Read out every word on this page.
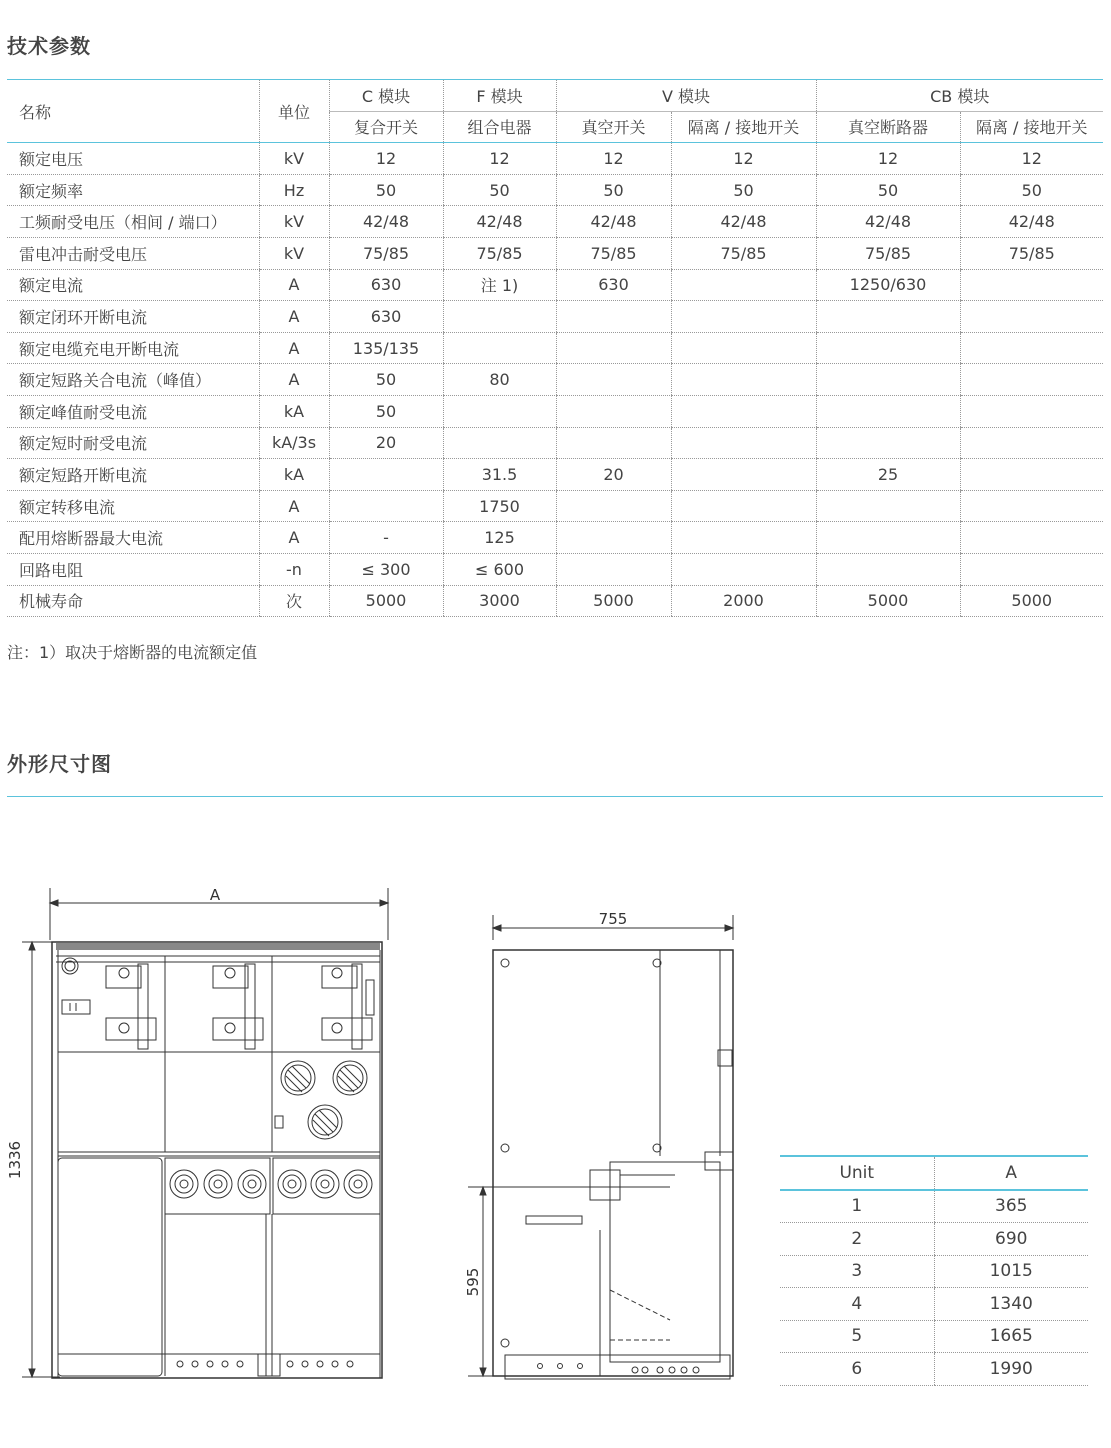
技术参数
名称	单位	C 模块	F 模块	V 模块		CB 模块	
		复合开关	组合电器	真空开关	隔离 / 接地开关	真空断路器	隔离 / 接地开关
额定电压	kV	12	12	12	12	12	12
额定频率	Hz	50	50	50	50	50	50
工频耐受电压（相间 / 端口）	kV	42/48	42/48	42/48	42/48	42/48	42/48
雷电冲击耐受电压	kV	75/85	75/85	75/85	75/85	75/85	75/85
额定电流	A	630	注 1)	630		1250/630	
额定闭环开断电流	A	630					
额定电缆充电开断电流	A	135/135					
额定短路关合电流（峰值）	A	50	80				
额定峰值耐受电流	kA	50					
额定短时耐受电流	kA/3s	20					
额定短路开断电流	kA		31.5	20		25	
额定转移电流	A		1750				
配用熔断器最大电流	A	-	125				
回路电阻	-n	≤ 300	≤ 600				
机械寿命	次	5000	3000	5000	2000	5000	5000
注：1）取决于熔断器的电流额定值
外形尺寸图
A
1336
755
595
Unit	A
1	365
2	690
3	1015
4	1340
5	1665
6	1990
